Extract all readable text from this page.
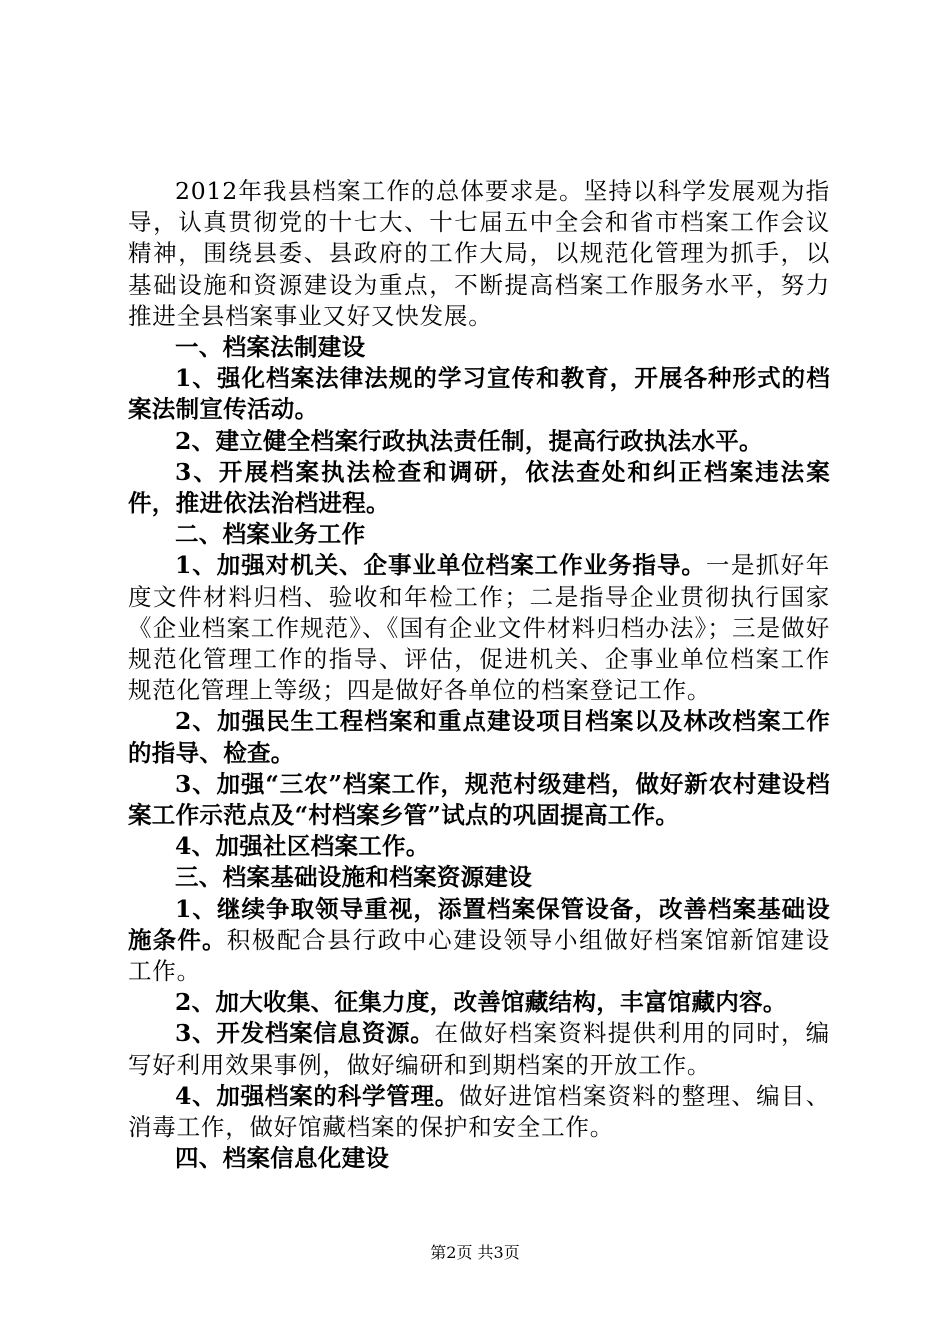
2012年我县档案工作的总体要求是。坚持以科学发展观为指导，认真贯彻党的十七大、十七届五中全会和省市档案工作会议精神，围绕县委、县政府的工作大局，以规范化管理为抓手，以基础设施和资源建设为重点，不断提高档案工作服务水平，努力推进全县档案事业又好又快发展。

一、档案法制建设

1、强化档案法律法规的学习宣传和教育，开展各种形式的档案法制宣传活动。

2、建立健全档案行政执法责任制，提高行政执法水平。

3、开展档案执法检查和调研，依法查处和纠正档案违法案件，推进依法治档进程。

二、档案业务工作

1、加强对机关、企事业单位档案工作业务指导。一是抓好年度文件材料归档、验收和年检工作；二是指导企业贯彻执行国家《企业档案工作规范》、《国有企业文件材料归档办法》；三是做好规范化管理工作的指导、评估，促进机关、企事业单位档案工作规范化管理上等级；四是做好各单位的档案登记工作。

2、加强民生工程档案和重点建设项目档案以及林改档案工作的指导、检查。

3、加强“三农”档案工作，规范村级建档，做好新农村建设档案工作示范点及“村档案乡管”试点的巩固提高工作。

4、加强社区档案工作。

三、档案基础设施和档案资源建设

1、继续争取领导重视，添置档案保管设备，改善档案基础设施条件。积极配合县行政中心建设领导小组做好档案馆新馆建设工作。

2、加大收集、征集力度，改善馆藏结构，丰富馆藏内容。

3、开发档案信息资源。在做好档案资料提供利用的同时，编写好利用效果事例，做好编研和到期档案的开放工作。

4、加强档案的科学管理。做好进馆档案资料的整理、编目、消毒工作，做好馆藏档案的保护和安全工作。

四、档案信息化建设

第2页 共3页
